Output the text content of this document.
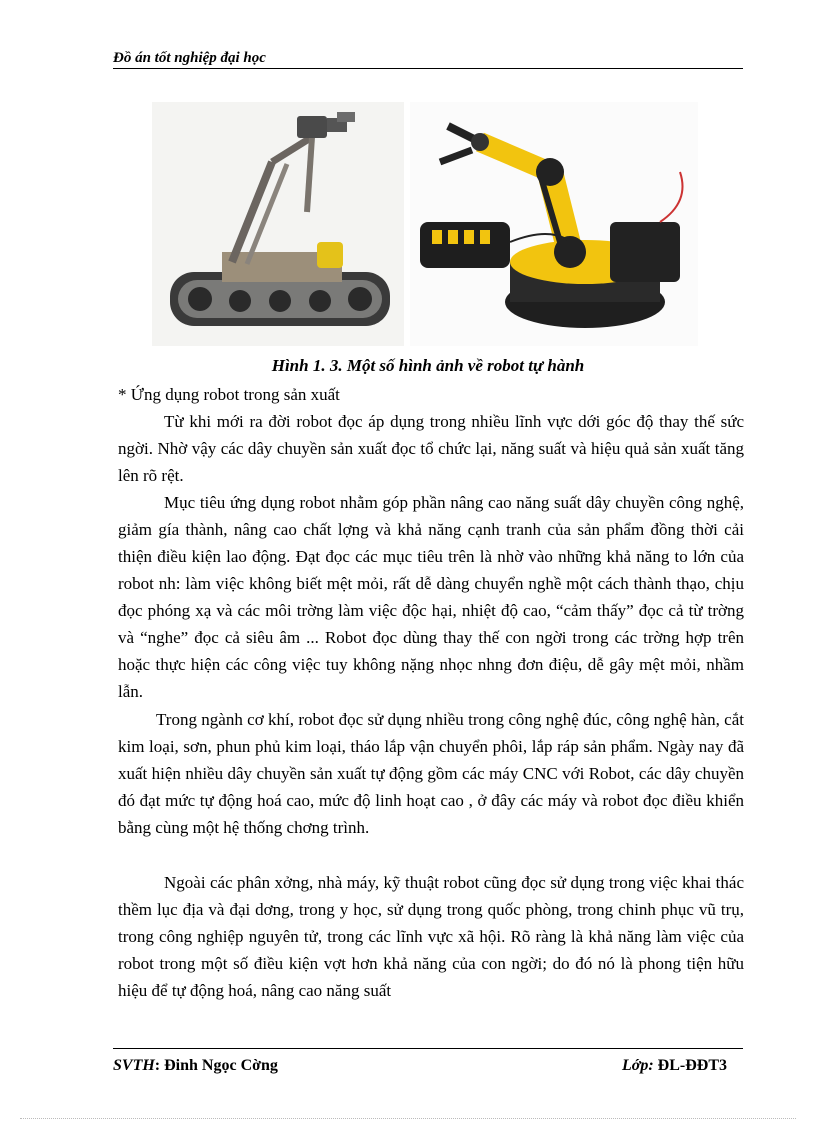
Đồ án tốt nghiệp đại học
Hình 1. 3. Một số hình ảnh về robot tự hành
* Ứng dụng robot trong sản xuất
Từ khi mới ra đời robot đọc áp dụng trong nhiều lĩnh vực dới góc độ thay thế sức ngời. Nhờ vậy các dây chuyền sản xuất đọc tổ chức lại, năng suất và hiệu quả sản xuất tăng lên rõ rệt.
Mục tiêu ứng dụng robot nhằm góp phần nâng cao năng suất dây chuyền công nghệ, giảm gía thành, nâng cao chất lợng và khả năng cạnh tranh của sản phẩm đồng thời cải thiện điều kiện lao động. Đạt đọc các mục tiêu trên là nhờ vào những khả năng to lớn của robot nh: làm việc không biết mệt mỏi, rất dễ dàng chuyển nghề một cách thành thạo, chịu đọc phóng xạ và các môi trờng làm việc độc hại, nhiệt độ cao, “cảm thấy” đọc cả từ trờng và “nghe” đọc cả siêu âm ... Robot đọc dùng thay thế con ngời trong các trờng hợp trên hoặc thực hiện các công việc tuy không nặng nhọc nhng đơn điệu, dễ gây mệt mỏi, nhầm lẫn.
Trong ngành cơ khí, robot đọc sử dụng nhiều trong công nghệ đúc, công nghệ hàn, cắt kim loại, sơn, phun phủ kim loại, tháo lắp vận chuyển phôi, lắp ráp sản phẩm. Ngày nay đã xuất hiện nhiều dây chuyền sản xuất tự động gồm các máy CNC với Robot, các dây chuyền đó đạt mức tự động hoá cao, mức độ linh hoạt cao , ở đây các máy và robot đọc điều khiển bằng cùng một hệ thống chơng trình.
Ngoài các phân xởng, nhà máy, kỹ thuật robot cũng đọc sử dụng trong việc khai thác thềm lục địa và đại dơng, trong y học, sử dụng trong quốc phòng, trong chinh phục vũ trụ, trong công nghiệp nguyên tử, trong các lĩnh vực xã hội. Rõ ràng là khả năng làm việc của robot trong một số điều kiện vợt hơn khả năng của con ngời; do đó nó là phong tiện hữu hiệu để tự động hoá, nâng cao năng suất
SVTH: Đinh Ngọc Cờng	Lớp: ĐL-ĐĐT3
